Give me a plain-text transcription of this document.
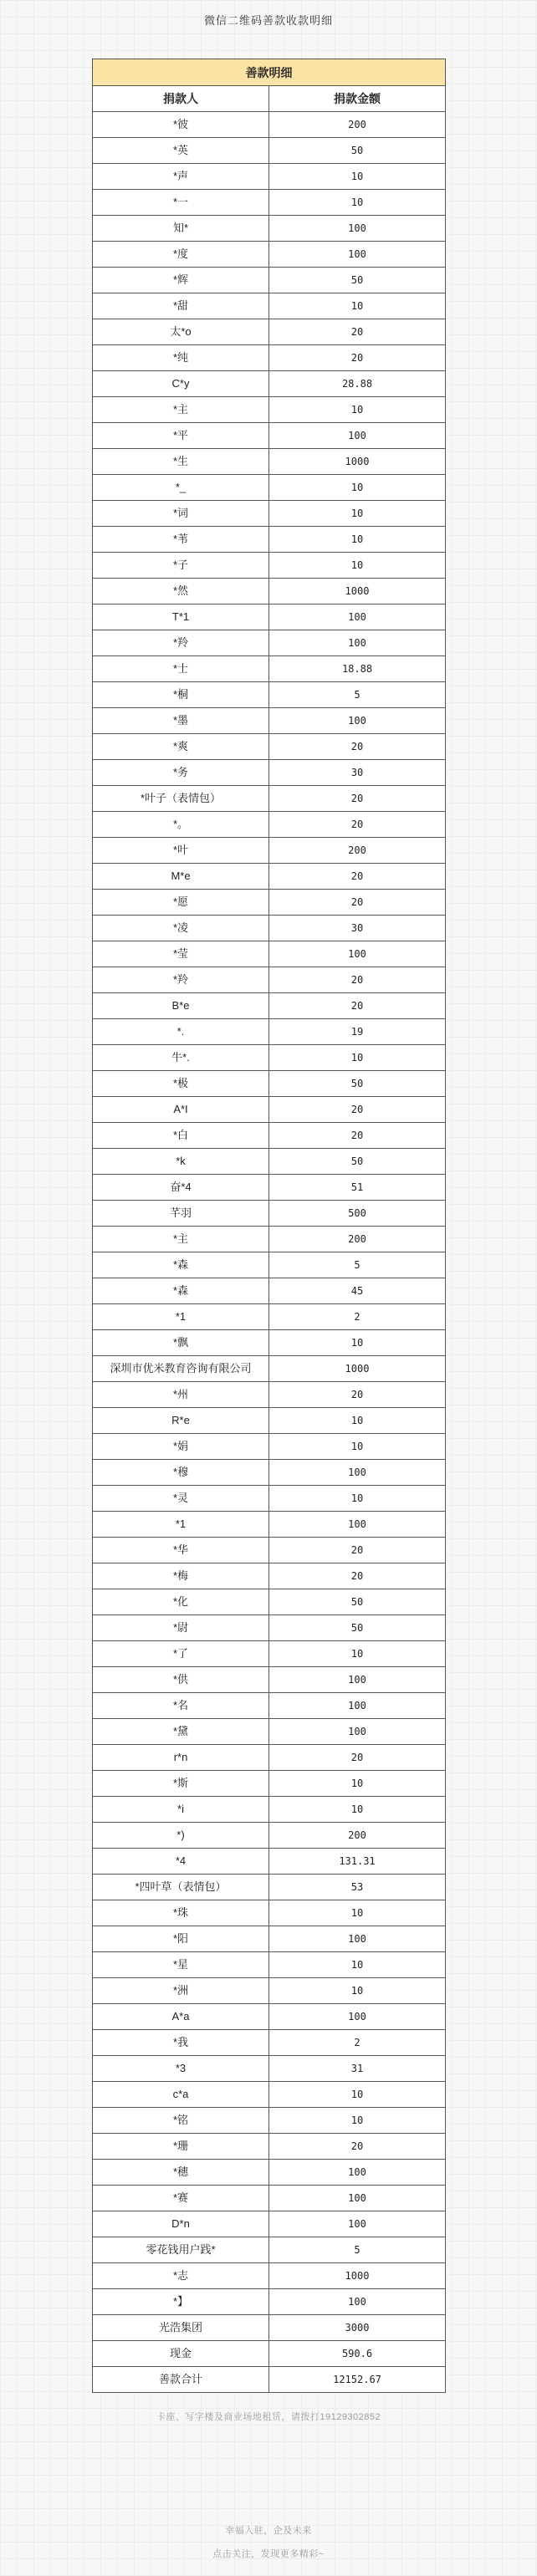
微信二维码善款收款明细
善款明细	
捐款人	捐款金额
*彼	200
*英	50
*声	10
*一	10
知*	100
*度	100
*辉	50
*甜	10
太*o	20
*纯	20
C*y	28.88
*主	10
*平	100
*生	1000
*_	10
*词	10
*苇	10
*子	10
*然	1000
T*1	100
*羚	100
*士	18.88
*桐	5
*墨	100
*爽	20
*务	30
*叶子（表情包）	20
*。	20
*叶	200
M*e	20
*愿	20
*凌	30
*莹	100
*羚	20
B*e	20
*.	19
牛*.	10
*极	50
A*I	20
*白	20
*k	50
奋*4	51
芊羽	500
*主	200
*森	5
*森	45
*1	2
*飘	10
深圳市优米教育咨询有限公司	1000
*州	20
R*e	10
*娟	10
*穆	100
*灵	10
*1	100
*华	20
*梅	20
*化	50
*尉	50
*了	10
*供	100
*名	100
*黛	100
r*n	20
*斯	10
*i	10
*)	200
*4	131.31
*四叶草（表情包）	53
*珠	10
*阳	100
*星	10
*洲	10
A*a	100
*我	2
*3	31
c*a	10
*铭	10
*珊	20
*穗	100
*赛	100
D*n	100
零花钱用户践*	5
*志	1000
*】	100
光浩集团	3000
现金	590.6
善款合计	12152.67
卡座、写字楼及商业场地租赁，请拨打19129302852
幸福入驻，企及未来
点击关注，发现更多精彩~
